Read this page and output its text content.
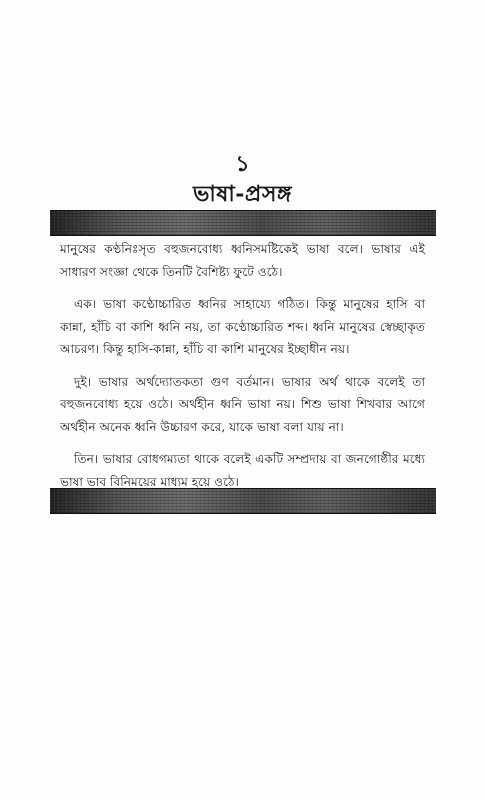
১
ভাষা-প্রসঙ্গ

মানুষের কণ্ঠনিঃসৃত বহুজনবোধ্য ধ্বনিসমষ্টিকেই ভাষা বলে। ভাষার এই সাধারণ সংজ্ঞা থেকে তিনটি বৈশিষ্ট্য ফুটে ওঠে।

এক। ভাষা কণ্ঠোচ্চারিত ধ্বনির সাহায্যে গঠিত। কিন্তু মানুষের হাসি বা কান্না, হাঁচি বা কাশি ধ্বনি নয়, তা কণ্ঠোচ্চারিত শব্দ। ধ্বনি মানুষের স্বেচ্ছাকৃত আচরণ। কিন্তু হাসি-কান্না, হাঁচি বা কাশি মানুষের ইচ্ছাধীন নয়।

দুই। ভাষার অর্থদ্যোতকতা গুণ বর্তমান। ভাষার অর্থ থাকে বলেই তা বহুজনবোধ্য হয়ে ওঠে। অর্থহীন ধ্বনি ভাষা নয়। শিশু ভাষা শিখবার আগে অর্থহীন অনেক ধ্বনি উচ্চারণ করে, যাকে ভাষা বলা যায় না।

তিন। ভাষার বোধগম্যতা থাকে বলেই একটি সম্প্রদায় বা জনগোষ্ঠীর মধ্যে ভাষা ভাব বিনিময়ের মাধ্যম হয়ে ওঠে।
